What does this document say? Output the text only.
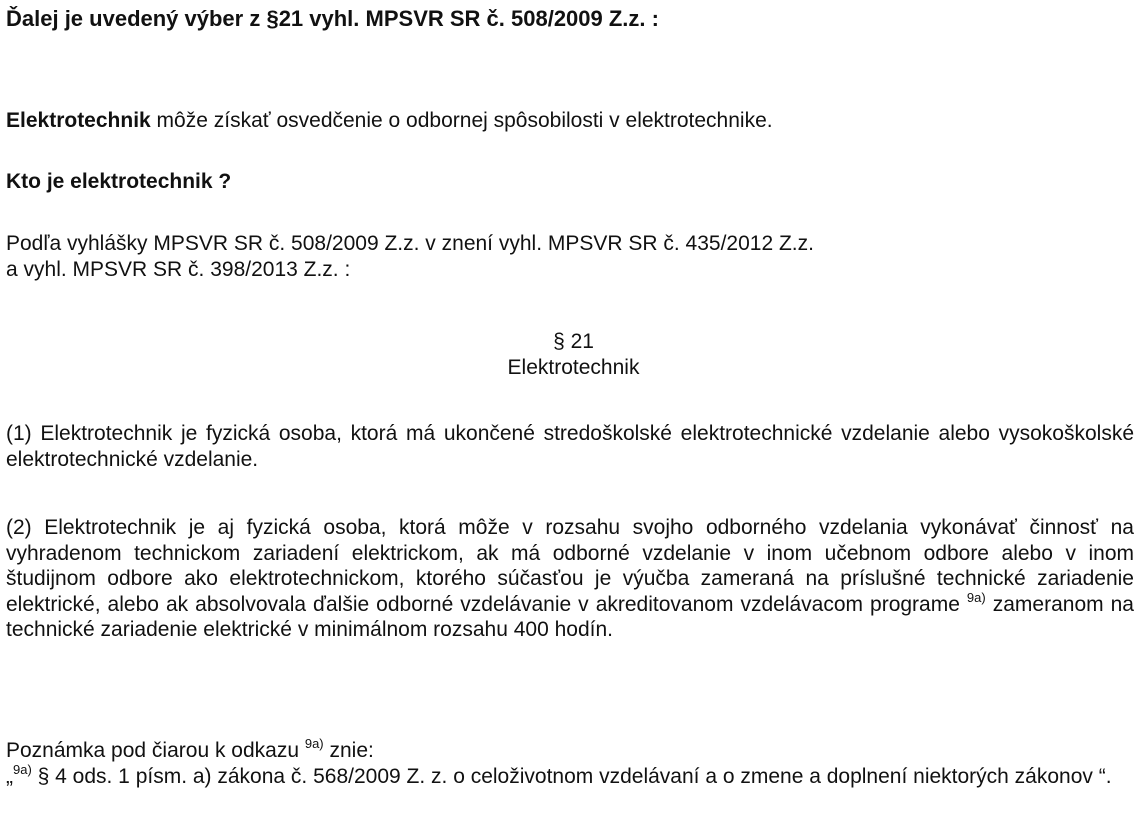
Ďalej je uvedený výber z §21 vyhl. MPSVR SR č. 508/2009 Z.z. :
Elektrotechnik môže získať osvedčenie o odbornej spôsobilosti v elektrotechnike.
Kto je elektrotechnik ?
Podľa vyhlášky MPSVR SR č. 508/2009 Z.z. v znení vyhl. MPSVR SR č. 435/2012 Z.z.
a vyhl. MPSVR SR č. 398/2013 Z.z. :
§ 21
Elektrotechnik
(1) Elektrotechnik je fyzická osoba, ktorá má ukončené stredoškolské elektrotechnické vzdelanie alebo vysokoškolské elektrotechnické vzdelanie.
(2) Elektrotechnik je aj fyzická osoba, ktorá môže v rozsahu svojho odborného vzdelania vykonávať činnosť na vyhradenom technickom zariadení elektrickom, ak má odborné vzdelanie v inom učebnom odbore alebo v inom študijnom odbore ako elektrotechnickom, ktorého súčasťou je výučba zameraná na príslušné technické zariadenie elektrické, alebo ak absolvovala ďalšie odborné vzdelávanie v akreditovanom vzdelávacom programe $^{9a)}$ zameranom na technické zariadenie elektrické v minimálnom rozsahu 400 hodín.
Poznámka pod čiarou k odkazu $^{9a)}$ znie:
„$^{9a)}$ § 4 ods. 1 písm. a) zákona č. 568/2009 Z. z. o celoživotnom vzdelávaní a o zmene a doplnení niektorých zákonov “.
